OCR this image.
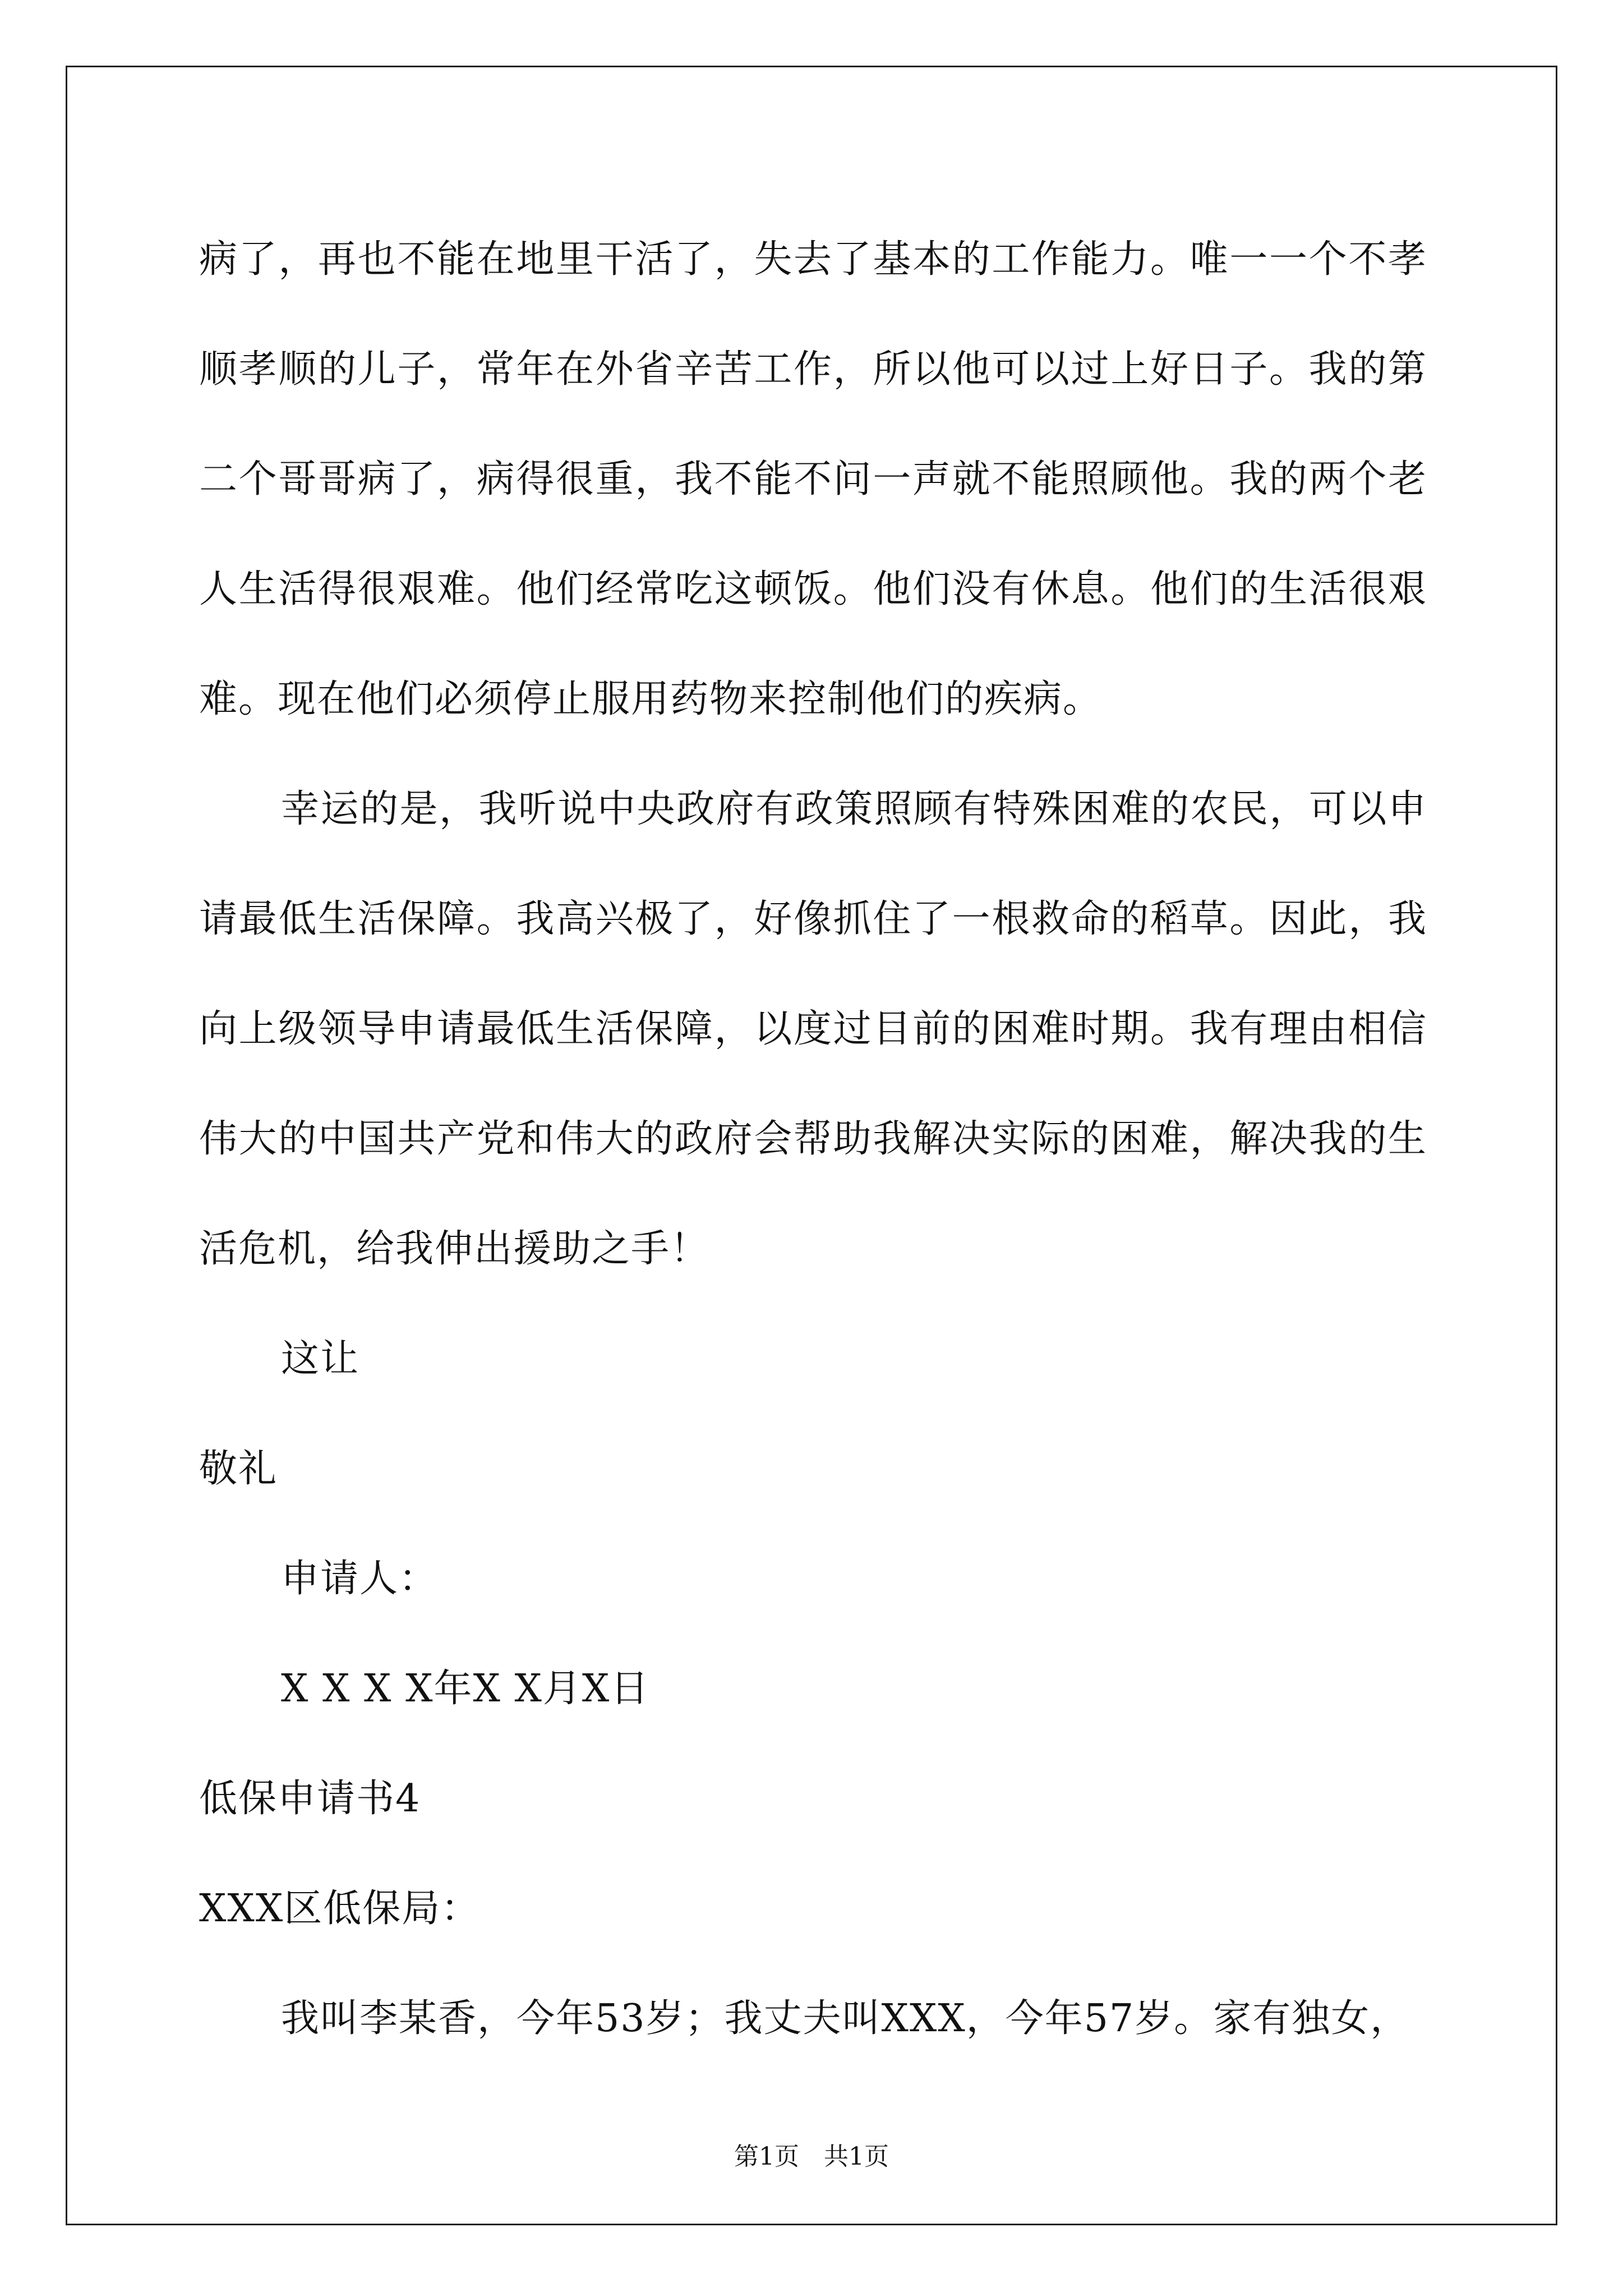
病了，再也不能在地里干活了，失去了基本的工作能力。唯一一个不孝顺孝顺的儿子，常年在外省辛苦工作，所以他可以过上好日子。我的第二个哥哥病了，病得很重，我不能不问一声就不能照顾他。我的两个老人生活得很艰难。他们经常吃这顿饭。他们没有休息。他们的生活很艰难。现在他们必须停止服用药物来控制他们的疾病。

幸运的是，我听说中央政府有政策照顾有特殊困难的农民，可以申请最低生活保障。我高兴极了，好像抓住了一根救命的稻草。因此，我向上级领导申请最低生活保障，以度过目前的困难时期。我有理由相信伟大的中国共产党和伟大的政府会帮助我解决实际的困难，解决我的生活危机，给我伸出援助之手！

这让

敬礼

申请人：

X X X X年X X月X日

低保申请书4

XXX区低保局：

我叫李某香，今年53岁；我丈夫叫XXX，今年57岁。家有独女，

第1页　共1页
